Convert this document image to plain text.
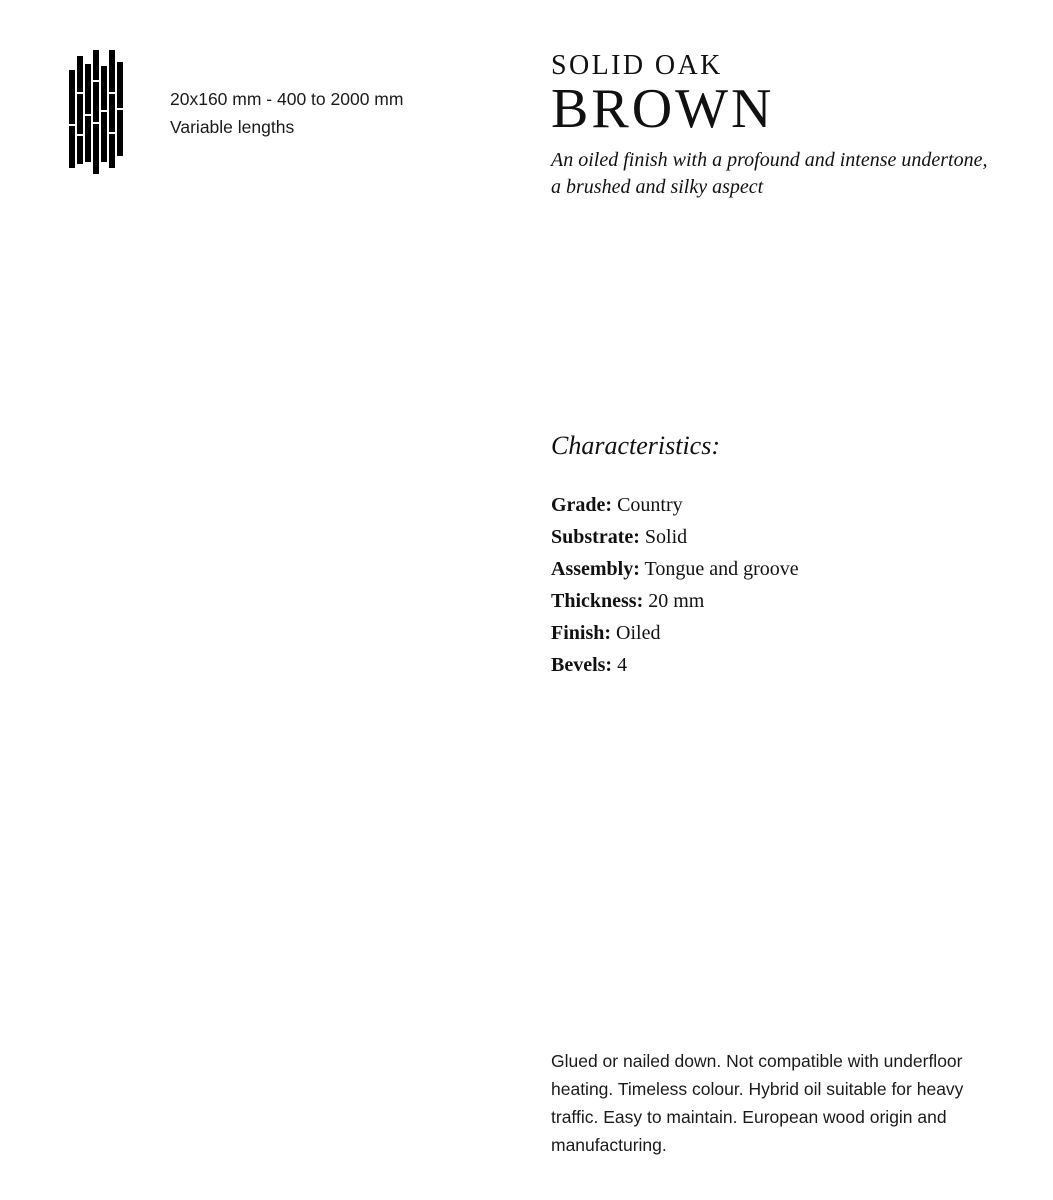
20x160 mm - 400 to 2000 mm
Variable lengths
SOLID OAK
BROWN
An oiled finish with a profound and intense undertone, a brushed and silky aspect
Characteristics:
Grade: Country
Substrate: Solid
Assembly: Tongue and groove
Thickness: 20 mm
Finish: Oiled
Bevels: 4
Glued or nailed down. Not compatible with underfloor heating. Timeless colour. Hybrid oil suitable for heavy traffic. Easy to maintain. European wood origin and manufacturing.
